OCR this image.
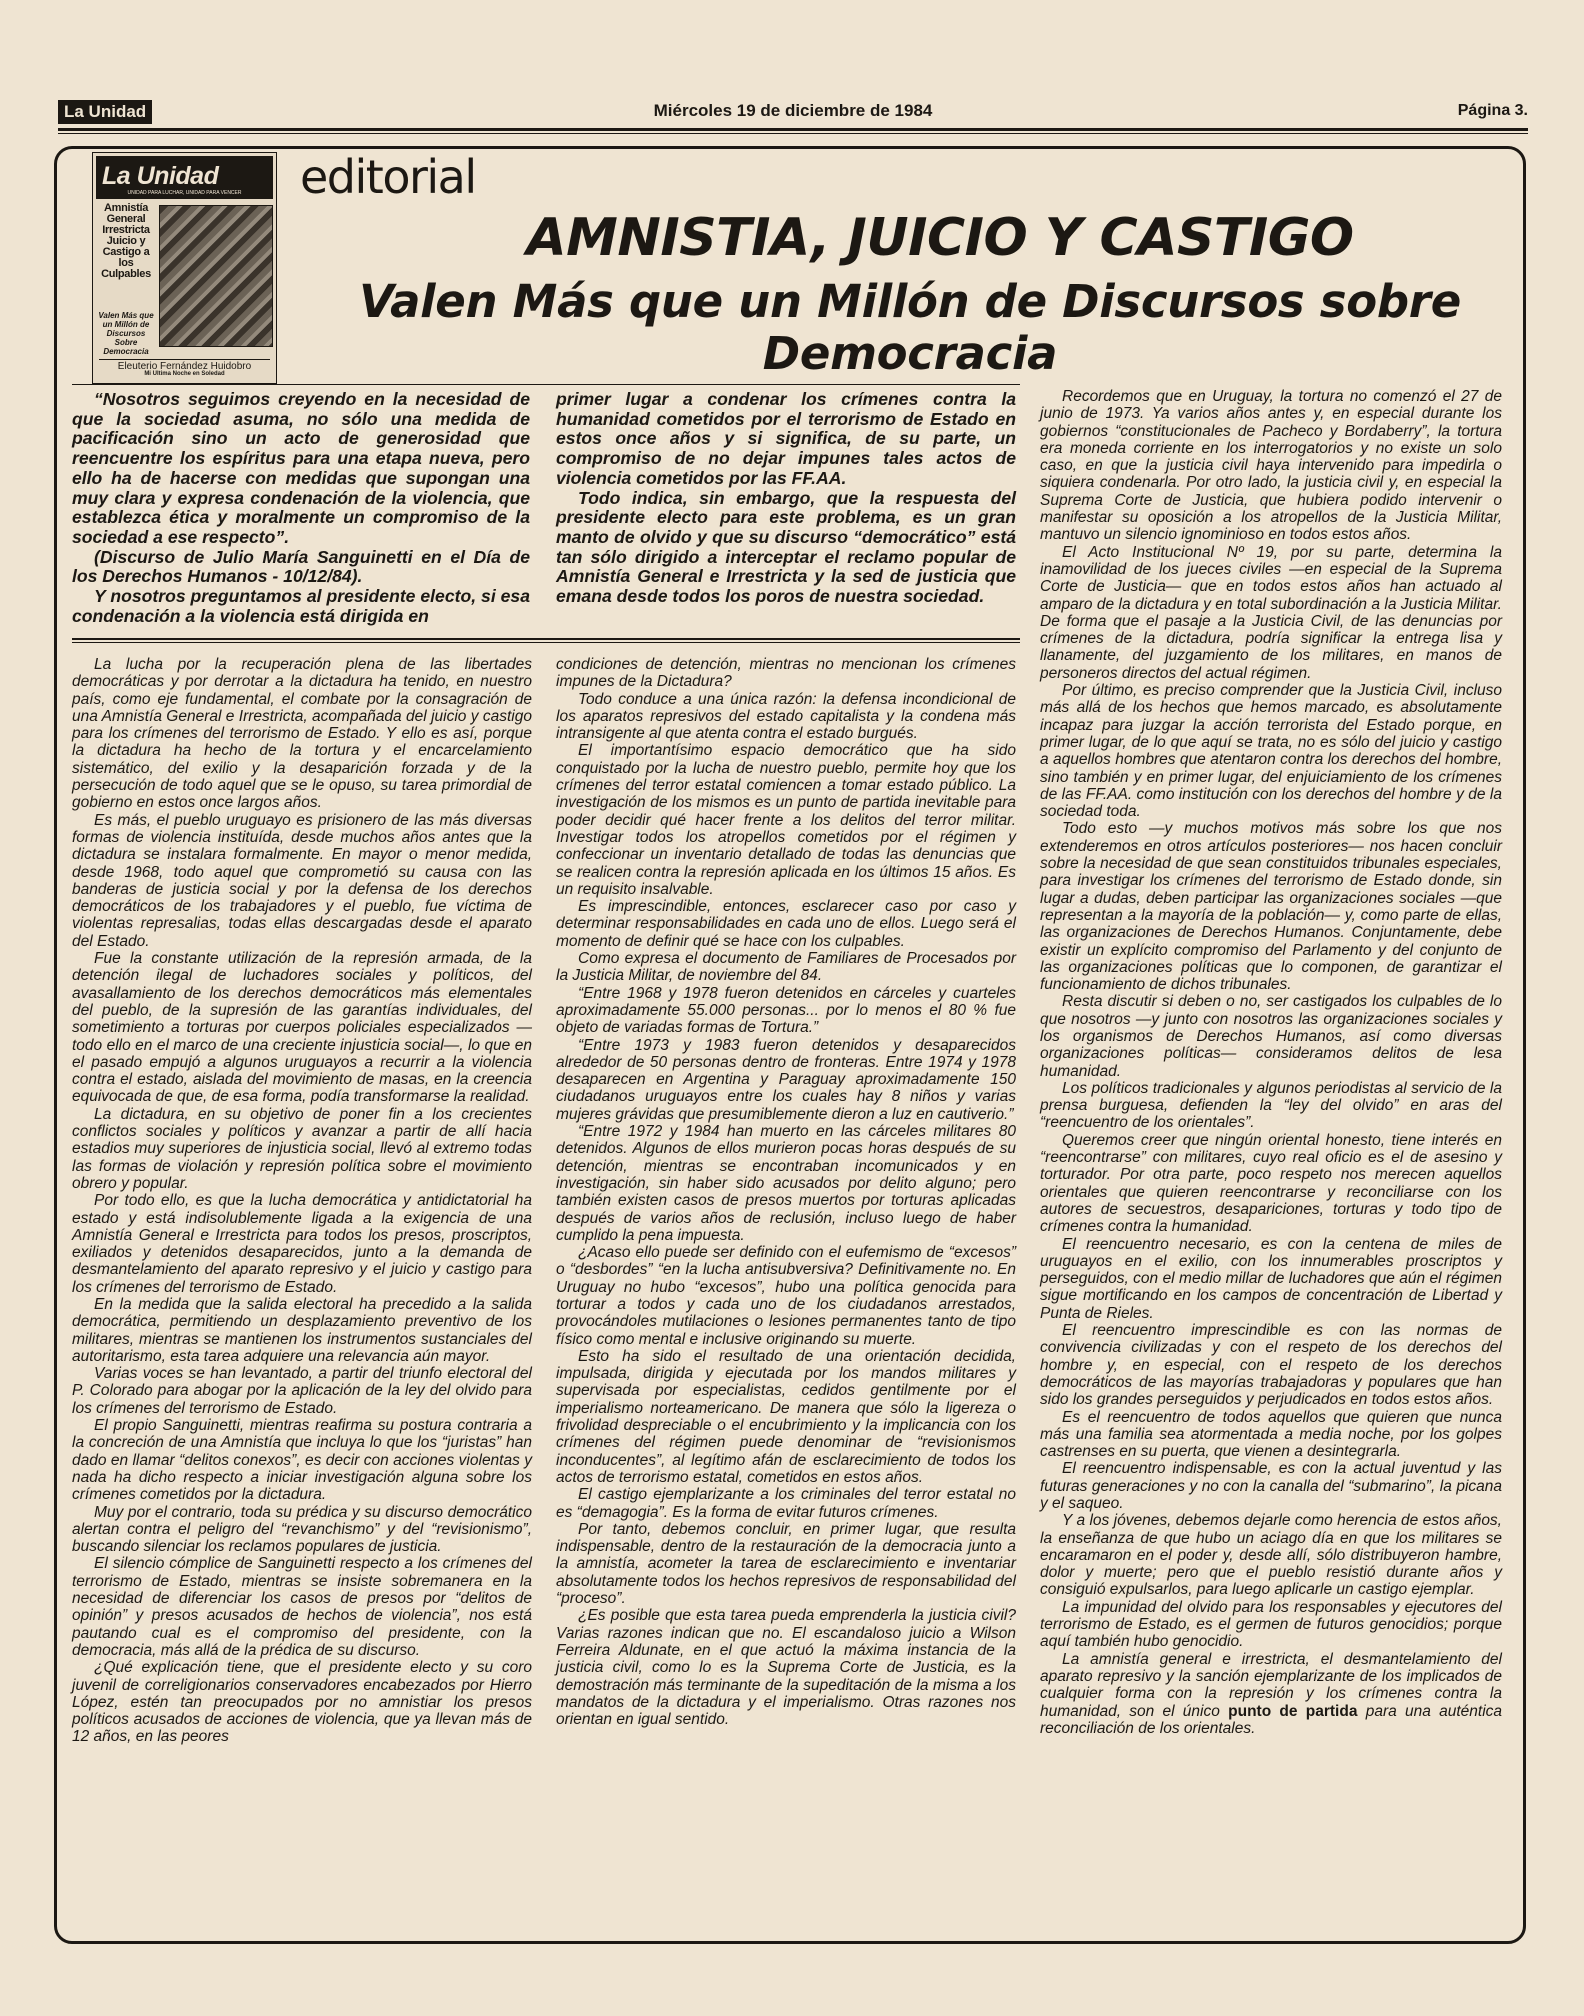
La Unidad	Miércoles 19 de diciembre de 1984	Página 3.
La Unidad
UNIDAD PARA LUCHAR, UNIDAD PARA VENCER
Amnistía General Irrestricta Juicio y Castigo a los Culpables
Valen Más que un Millón de Discursos Sobre Democracia
Eleuterio Fernández Huidobro
Mi Ultima Noche en Soledad
editorial
AMNISTIA, JUICIO Y CASTIGO
Valen Más que un Millón de Discursos sobre Democracia

“Nosotros seguimos creyendo en la necesidad de que la sociedad asuma, no sólo una medida de pacificación sino un acto de generosidad que reencuentre los espíritus para una etapa nueva, pero ello ha de hacerse con medidas que supongan una muy clara y expresa condenación de la violencia, que establezca ética y moralmente un compromiso de la sociedad a ese respecto”.

(Discurso de Julio María Sanguinetti en el Día de los Derechos Humanos - 10/12/84).

Y nosotros preguntamos al presidente electo, si esa condenación a la violencia está dirigida en

primer lugar a condenar los crímenes contra la humanidad cometidos por el terrorismo de Estado en estos once años y si significa, de su parte, un compromiso de no dejar impunes tales actos de violencia cometidos por las FF.AA.

Todo indica, sin embargo, que la respuesta del presidente electo para este problema, es un gran manto de olvido y que su discurso “democrático” está tan sólo dirigido a interceptar el reclamo popular de Amnistía General e Irrestricta y la sed de justicia que emana desde todos los poros de nuestra sociedad.

La lucha por la recuperación plena de las libertades democráticas y por derrotar a la dictadura ha tenido, en nuestro país, como eje fundamental, el combate por la consagración de una Amnistía General e Irrestricta, acompañada del juicio y castigo para los crímenes del terrorismo de Estado. Y ello es así, porque la dictadura ha hecho de la tortura y el encarcelamiento sistemático, del exilio y la desaparición forzada y de la persecución de todo aquel que se le opuso, su tarea primordial de gobierno en estos once largos años.

Es más, el pueblo uruguayo es prisionero de las más diversas formas de violencia instituída, desde muchos años antes que la dictadura se instalara formalmente. En mayor o menor medida, desde 1968, todo aquel que comprometió su causa con las banderas de justicia social y por la defensa de los derechos democráticos de los trabajadores y el pueblo, fue víctima de violentas represalias, todas ellas descargadas desde el aparato del Estado.

Fue la constante utilización de la represión armada, de la detención ilegal de luchadores sociales y políticos, del avasallamiento de los derechos democráticos más elementales del pueblo, de la supresión de las garantías individuales, del sometimiento a torturas por cuerpos policiales especializados —todo ello en el marco de una creciente injusticia social—, lo que en el pasado empujó a algunos uruguayos a recurrir a la violencia contra el estado, aislada del movimiento de masas, en la creencia equivocada de que, de esa forma, podía transformarse la realidad.

La dictadura, en su objetivo de poner fin a los crecientes conflictos sociales y políticos y avanzar a partir de allí hacia estadios muy superiores de injusticia social, llevó al extremo todas las formas de violación y represión política sobre el movimiento obrero y popular.

Por todo ello, es que la lucha democrática y antidictatorial ha estado y está indisolublemente ligada a la exigencia de una Amnistía General e Irrestricta para todos los presos, proscriptos, exiliados y detenidos desaparecidos, junto a la demanda de desmantelamiento del aparato represivo y el juicio y castigo para los crímenes del terrorismo de Estado.

En la medida que la salida electoral ha precedido a la salida democrática, permitiendo un desplazamiento preventivo de los militares, mientras se mantienen los instrumentos sustanciales del autoritarismo, esta tarea adquiere una relevancia aún mayor.

Varias voces se han levantado, a partir del triunfo electoral del P. Colorado para abogar por la aplicación de la ley del olvido para los crímenes del terrorismo de Estado.

El propio Sanguinetti, mientras reafirma su postura contraria a la concreción de una Amnistía que incluya lo que los “juristas” han dado en llamar “delitos conexos”, es decir con acciones violentas y nada ha dicho respecto a iniciar investigación alguna sobre los crímenes cometidos por la dictadura.

Muy por el contrario, toda su prédica y su discurso democrático alertan contra el peligro del “revanchismo” y del “revisionismo”, buscando silenciar los reclamos populares de justicia.

El silencio cómplice de Sanguinetti respecto a los crímenes del terrorismo de Estado, mientras se insiste sobremanera en la necesidad de diferenciar los casos de presos por “delitos de opinión” y presos acusados de hechos de violencia”, nos está pautando cual es el compromiso del presidente, con la democracia, más allá de la prédica de su discurso.

¿Qué explicación tiene, que el presidente electo y su coro juvenil de correligionarios conservadores encabezados por Hierro López, estén tan preocupados por no amnistiar los presos políticos acusados de acciones de violencia, que ya llevan más de 12 años, en las peores

condiciones de detención, mientras no mencionan los crímenes impunes de la Dictadura?

Todo conduce a una única razón: la defensa incondicional de los aparatos represivos del estado capitalista y la condena más intransigente al que atenta contra el estado burgués.

El importantísimo espacio democrático que ha sido conquistado por la lucha de nuestro pueblo, permite hoy que los crímenes del terror estatal comiencen a tomar estado público. La investigación de los mismos es un punto de partida inevitable para poder decidir qué hacer frente a los delitos del terror militar. Investigar todos los atropellos cometidos por el régimen y confeccionar un inventario detallado de todas las denuncias que se realicen contra la represión aplicada en los últimos 15 años. Es un requisito insalvable.

Es imprescindible, entonces, esclarecer caso por caso y determinar responsabilidades en cada uno de ellos. Luego será el momento de definir qué se hace con los culpables.

Como expresa el documento de Familiares de Procesados por la Justicia Militar, de noviembre del 84.

“Entre 1968 y 1978 fueron detenidos en cárceles y cuarteles aproximadamente 55.000 personas... por lo menos el 80 % fue objeto de variadas formas de Tortura.”

“Entre 1973 y 1983 fueron detenidos y desaparecidos alrededor de 50 personas dentro de fronteras. Entre 1974 y 1978 desaparecen en Argentina y Paraguay aproximadamente 150 ciudadanos uruguayos entre los cuales hay 8 niños y varias mujeres grávidas que presumiblemente dieron a luz en cautiverio.”

“Entre 1972 y 1984 han muerto en las cárceles militares 80 detenidos. Algunos de ellos murieron pocas horas después de su detención, mientras se encontraban incomunicados y en investigación, sin haber sido acusados por delito alguno; pero también existen casos de presos muertos por torturas aplicadas después de varios años de reclusión, incluso luego de haber cumplido la pena impuesta.

¿Acaso ello puede ser definido con el eufemismo de “excesos” o “desbordes” “en la lucha antisubversiva? Definitivamente no. En Uruguay no hubo “excesos”, hubo una política genocida para torturar a todos y cada uno de los ciudadanos arrestados, provocándoles mutilaciones o lesiones permanentes tanto de tipo físico como mental e inclusive originando su muerte.

Esto ha sido el resultado de una orientación decidida, impulsada, dirigida y ejecutada por los mandos militares y supervisada por especialistas, cedidos gentilmente por el imperialismo norteamericano. De manera que sólo la ligereza o frivolidad despreciable o el encubrimiento y la implicancia con los crímenes del régimen puede denominar de “revisionismos inconducentes”, al legítimo afán de esclarecimiento de todos los actos de terrorismo estatal, cometidos en estos años.

El castigo ejemplarizante a los criminales del terror estatal no es “demagogia”. Es la forma de evitar futuros crímenes.

Por tanto, debemos concluir, en primer lugar, que resulta indispensable, dentro de la restauración de la democracia junto a la amnistía, acometer la tarea de esclarecimiento e inventariar absolutamente todos los hechos represivos de responsabilidad del “proceso”.

¿Es posible que esta tarea pueda emprenderla la justicia civil? Varias razones indican que no. El escandaloso juicio a Wilson Ferreira Aldunate, en el que actuó la máxima instancia de la justicia civil, como lo es la Suprema Corte de Justicia, es la demostración más terminante de la supeditación de la misma a los mandatos de la dictadura y el imperialismo. Otras razones nos orientan en igual sentido.

Recordemos que en Uruguay, la tortura no comenzó el 27 de junio de 1973. Ya varios años antes y, en especial durante los gobiernos “constitucionales de Pacheco y Bordaberry”, la tortura era moneda corriente en los interrogatorios y no existe un solo caso, en que la justicia civil haya intervenido para impedirla o siquiera condenarla. Por otro lado, la justicia civil y, en especial la Suprema Corte de Justicia, que hubiera podido intervenir o manifestar su oposición a los atropellos de la Justicia Militar, mantuvo un silencio ignominioso en todos estos años.

El Acto Institucional Nº 19, por su parte, determina la inamovilidad de los jueces civiles —en especial de la Suprema Corte de Justicia— que en todos estos años han actuado al amparo de la dictadura y en total subordinación a la Justicia Militar. De forma que el pasaje a la Justicia Civil, de las denuncias por crímenes de la dictadura, podría significar la entrega lisa y llanamente, del juzgamiento de los militares, en manos de personeros directos del actual régimen.

Por último, es preciso comprender que la Justicia Civil, incluso más allá de los hechos que hemos marcado, es absolutamente incapaz para juzgar la acción terrorista del Estado porque, en primer lugar, de lo que aquí se trata, no es sólo del juicio y castigo a aquellos hombres que atentaron contra los derechos del hombre, sino también y en primer lugar, del enjuiciamiento de los crímenes de las FF.AA. como institución con los derechos del hombre y de la sociedad toda.

Todo esto —y muchos motivos más sobre los que nos extenderemos en otros artículos posteriores— nos hacen concluir sobre la necesidad de que sean constituidos tribunales especiales, para investigar los crímenes del terrorismo de Estado donde, sin lugar a dudas, deben participar las organizaciones sociales —que representan a la mayoría de la población— y, como parte de ellas, las organizaciones de Derechos Humanos. Conjuntamente, debe existir un explícito compromiso del Parlamento y del conjunto de las organizaciones políticas que lo componen, de garantizar el funcionamiento de dichos tribunales.

Resta discutir si deben o no, ser castigados los culpables de lo que nosotros —y junto con nosotros las organizaciones sociales y los organismos de Derechos Humanos, así como diversas organizaciones políticas— consideramos delitos de lesa humanidad.

Los políticos tradicionales y algunos periodistas al servicio de la prensa burguesa, defienden la “ley del olvido” en aras del “reencuentro de los orientales”.

Queremos creer que ningún oriental honesto, tiene interés en “reencontrarse” con militares, cuyo real oficio es el de asesino y torturador. Por otra parte, poco respeto nos merecen aquellos orientales que quieren reencontrarse y reconciliarse con los autores de secuestros, desapariciones, torturas y todo tipo de crímenes contra la humanidad.

El reencuentro necesario, es con la centena de miles de uruguayos en el exilio, con los innumerables proscriptos y perseguidos, con el medio millar de luchadores que aún el régimen sigue mortificando en los campos de concentración de Libertad y Punta de Rieles.

El reencuentro imprescindible es con las normas de convivencia civilizadas y con el respeto de los derechos del hombre y, en especial, con el respeto de los derechos democráticos de las mayorías trabajadoras y populares que han sido los grandes perseguidos y perjudicados en todos estos años.

Es el reencuentro de todos aquellos que quieren que nunca más una familia sea atormentada a media noche, por los golpes castrenses en su puerta, que vienen a desintegrarla.

El reencuentro indispensable, es con la actual juventud y las futuras generaciones y no con la canalla del “submarino”, la picana y el saqueo.

Y a los jóvenes, debemos dejarle como herencia de estos años, la enseñanza de que hubo un aciago día en que los militares se encaramaron en el poder y, desde allí, sólo distribuyeron hambre, dolor y muerte; pero que el pueblo resistió durante años y consiguió expulsarlos, para luego aplicarle un castigo ejemplar.

La impunidad del olvido para los responsables y ejecutores del terrorismo de Estado, es el germen de futuros genocidios; porque aquí también hubo genocidio.

La amnistía general e irrestricta, el desmantelamiento del aparato represivo y la sanción ejemplarizante de los implicados de cualquier forma con la represión y los crímenes contra la humanidad, son el único punto de partida para una auténtica reconciliación de los orientales.
